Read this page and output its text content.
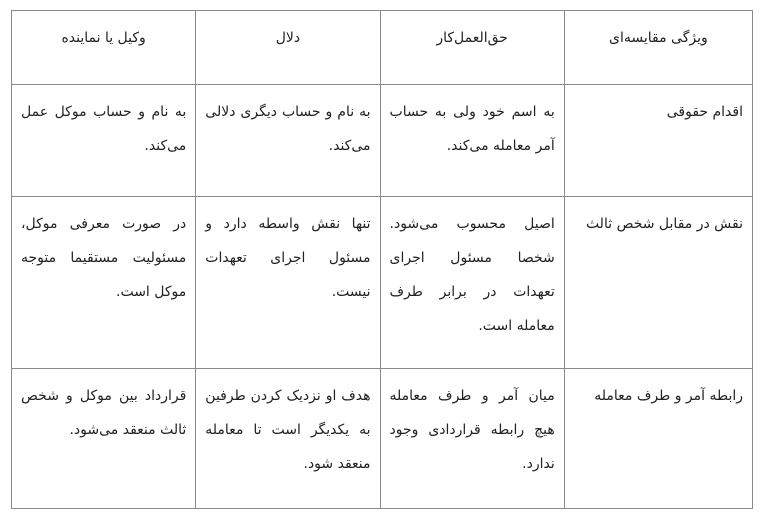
ویژگی مقایسه‌ای	حق‌العمل‌کار	دلال	وکیل یا نماینده
اقدام حقوقی	به اسم خود ولی به حساب آمر معامله می‌کند.	به نام و حساب دیگری دلالی می‌کند.	به نام و حساب موکل عمل می‌کند.
نقش در مقابل شخص ثالث	اصیل محسوب می‌شود. شخصا مسئول اجرای تعهدات در برابر طرف معامله است.	تنها نقش واسطه دارد و مسئول اجرای تعهدات نیست.	در صورت معرفی موکل، مسئولیت مستقیما متوجه موکل است.
رابطه آمر و طرف معامله	میان آمر و طرف معامله هیچ رابطه قراردادی وجود ندارد.	هدف او نزدیک کردن طرفین به یکدیگر است تا معامله منعقد شود.	قرارداد بین موکل و شخص ثالث منعقد می‌شود.
